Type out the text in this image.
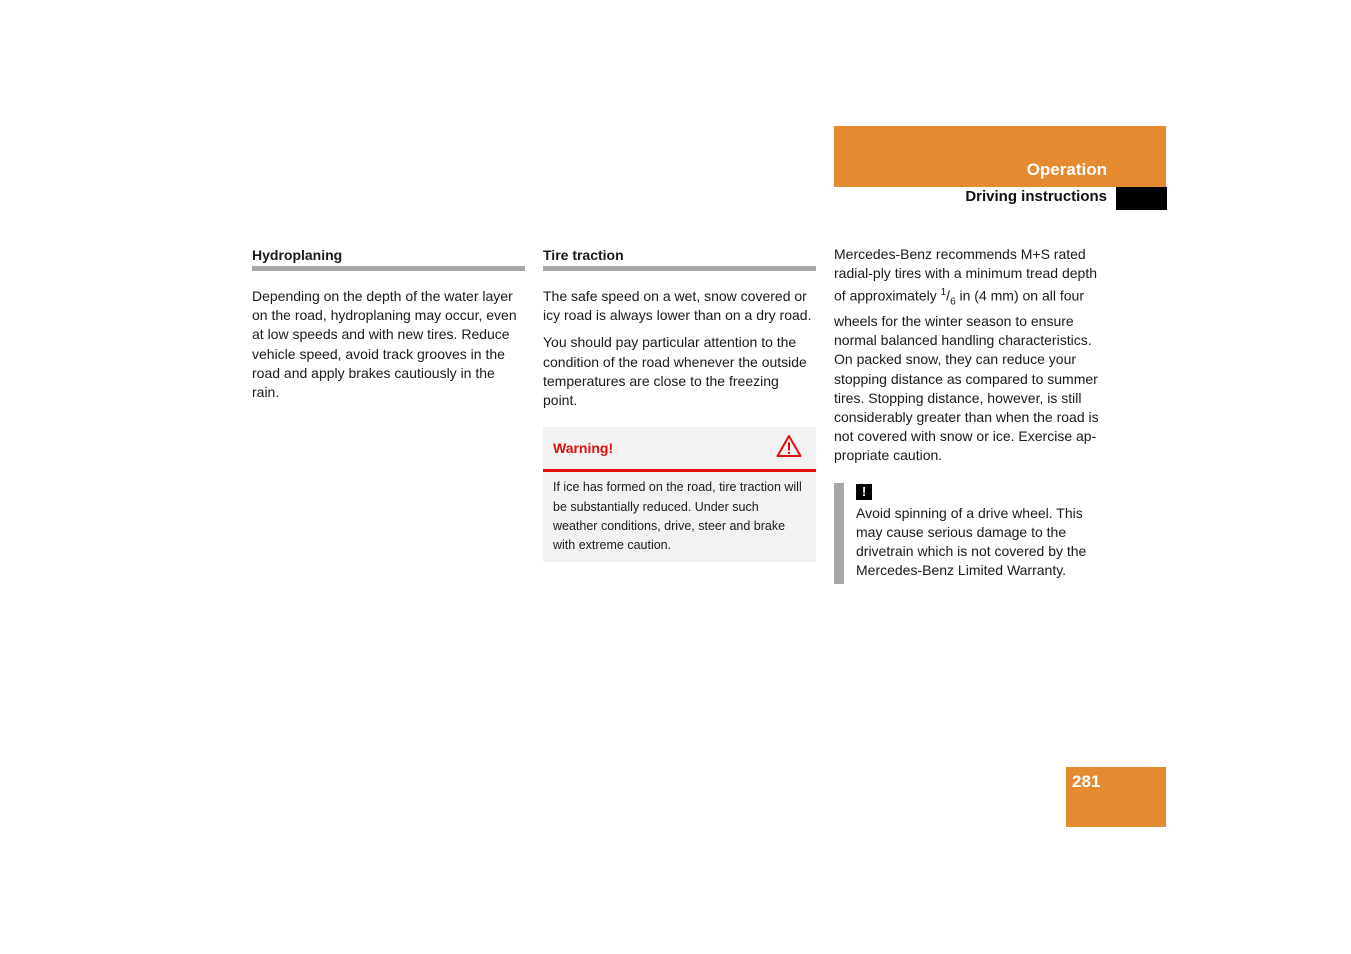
Operation
Driving instructions
Hydroplaning

Depending on the depth of the water layer on the road, hydroplaning may occur, even at low speeds and with new tires. Reduce vehicle speed, avoid track grooves in the road and apply brakes cautiously in the rain.

Tire traction

The safe speed on a wet, snow covered or icy road is always lower than on a dry road.

You should pay particular attention to the condition of the road whenever the outside temperatures are close to the freezing point.

Warning!

If ice has formed on the road, tire traction will be substantially reduced. Under such weather conditions, drive, steer and brake with extreme caution.

Mercedes-Benz recommends M+S rated radial-ply tires with a minimum tread depth of approximately $^1/_6$ in (4 mm) on all four wheels for the winter season to ensure normal balanced handling characteristics. On packed snow, they can reduce your stopping distance as compared to summer tires. Stopping distance, however, is still considerably greater than when the road is not covered with snow or ice. Exercise ap-propriate caution.

!

Avoid spinning of a drive wheel. This may cause serious damage to the drivetrain which is not covered by the Mercedes-Benz Limited Warranty.

281
